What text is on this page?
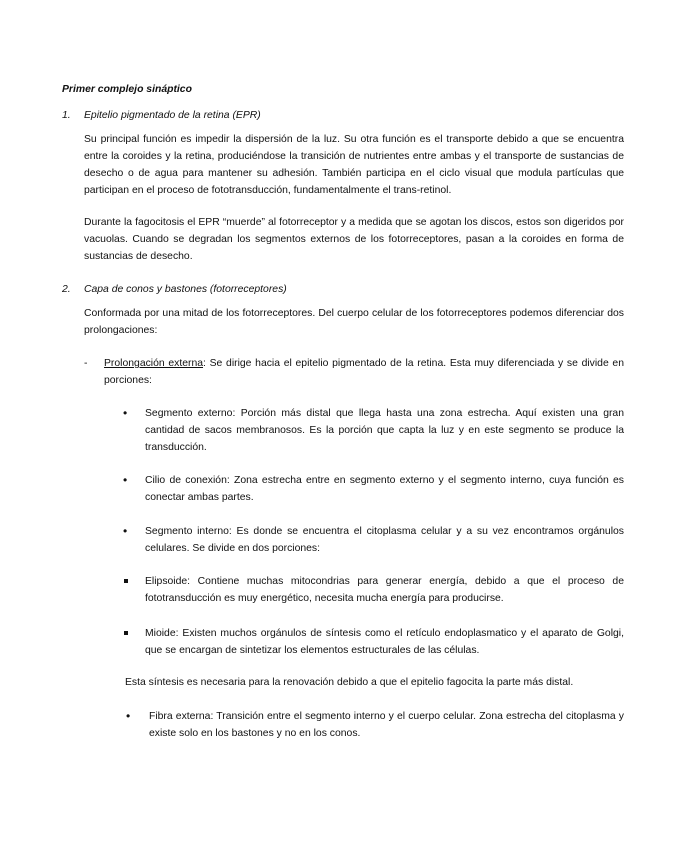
Primer complejo sináptico
1. Epitelio pigmentado de la retina (EPR)

Su principal función es impedir la dispersión de la luz. Su otra función es el transporte debido a que se encuentra entre la coroides y la retina, produciéndose la transición de nutrientes entre ambas y el transporte de sustancias de desecho o de agua para mantener su adhesión. También participa en el ciclo visual que modula partículas que participan en el proceso de fototransducción, fundamentalmente el trans-retinol.

Durante la fagocitosis el EPR “muerde” al fotorreceptor y a medida que se agotan los discos, estos son digeridos por vacuolas. Cuando se degradan los segmentos externos de los fotorreceptores, pasan a la coroides en forma de sustancias de desecho.

2. Capa de conos y bastones (fotorreceptores)

Conformada por una mitad de los fotorreceptores. Del cuerpo celular de los fotorreceptores podemos diferenciar dos prolongaciones:

- Prolongación externa: Se dirige hacia el epitelio pigmentado de la retina. Esta muy diferenciada y se divide en porciones:

• Segmento externo: Porción más distal que llega hasta una zona estrecha. Aquí existen una gran cantidad de sacos membranosos. Es la porción que capta la luz y en este segmento se produce la transducción.

• Cilio de conexión: Zona estrecha entre en segmento externo y el segmento interno, cuya función es conectar ambas partes.

• Segmento interno: Es donde se encuentra el citoplasma celular y a su vez encontramos orgánulos celulares. Se divide en dos porciones:

Elipsoide: Contiene muchas mitocondrias para generar energía, debido a que el proceso de fototransducción es muy energético, necesita mucha energía para producirse.

Mioide: Existen muchos orgánulos de síntesis como el retículo endoplasmatico y el aparato de Golgi, que se encargan de sintetizar los elementos estructurales de las células.

Esta síntesis es necesaria para la renovación debido a que el epitelio fagocita la parte más distal.

• Fibra externa: Transición entre el segmento interno y el cuerpo celular. Zona estrecha del citoplasma y existe solo en los bastones y no en los conos.
